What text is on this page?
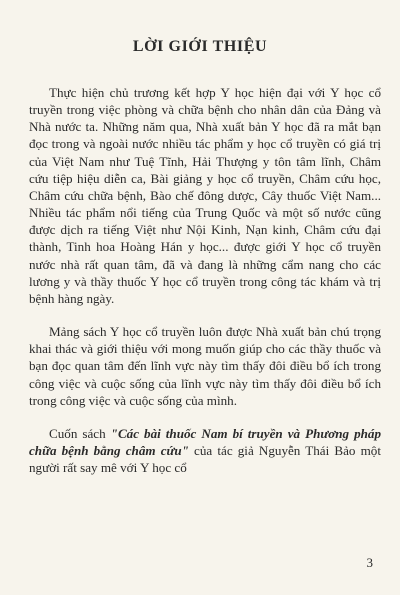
LỜI GIỚI THIỆU

Thực hiện chủ trương kết hợp Y học hiện đại với Y học cổ truyền trong việc phòng và chữa bệnh cho nhân dân của Đảng và Nhà nước ta. Những năm qua, Nhà xuất bản Y học đã ra mắt bạn đọc trong và ngoài nước nhiều tác phẩm y học cổ truyền có giá trị của Việt Nam như Tuệ Tĩnh, Hải Thượng y tôn tâm lĩnh, Châm cứu tiệp hiệu diễn ca, Bài giảng y học cổ truyền, Châm cứu học, Châm cứu chữa bệnh, Bào chế đông dược, Cây thuốc Việt Nam... Nhiều tác phẩm nổi tiếng của Trung Quốc và một số nước cũng được dịch ra tiếng Việt như Nội Kinh, Nạn kinh, Châm cứu đại thành, Tinh hoa Hoàng Hán y học... được giới Y học cổ truyền nước nhà rất quan tâm, đã và đang là những cẩm nang cho các lương y và thầy thuốc Y học cổ truyền trong công tác khám và trị bệnh hàng ngày.

Mảng sách Y học cổ truyền luôn được Nhà xuất bản chú trọng khai thác và giới thiệu với mong muốn giúp cho các thầy thuốc và bạn đọc quan tâm đến lĩnh vực này tìm thấy đôi điều bổ ích trong công việc và cuộc sống của lĩnh vực này tìm thấy đôi điều bổ ích trong công việc và cuộc sống của mình.

Cuốn sách "Các bài thuốc Nam bí truyền và Phương pháp chữa bệnh bằng châm cứu" của tác giả Nguyễn Thái Bảo một người rất say mê với Y học cổ

3
